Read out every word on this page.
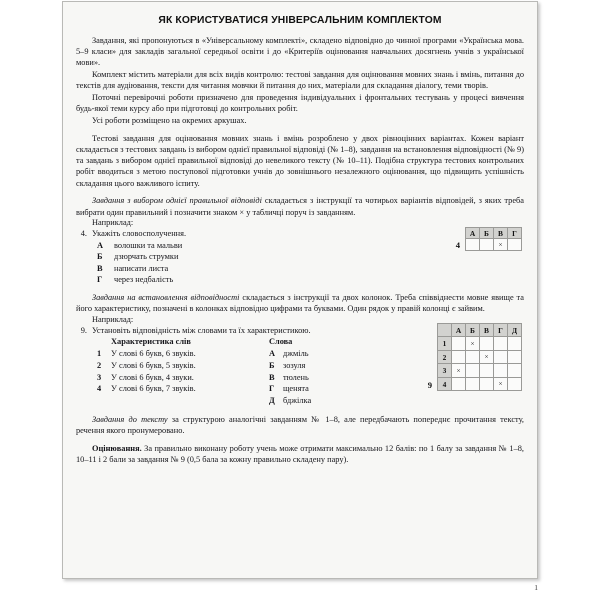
ЯК КОРИСТУВАТИСЯ УНІВЕРСАЛЬНИМ КОМПЛЕКТОМ

Завдання, які пропонуються в «Універсальному комплекті», складено відповідно до чинної програми «Українська мова. 5–9 класи» для закладів загальної середньої освіти і до «Критеріїв оцінювання навчальних досягнень учнів з української мови».

Комплект містить матеріали для всіх видів контролю: тестові завдання для оцінювання мовних знань і вмінь, питання до текстів для аудіювання, тексти для читання мовчки й питання до них, матеріали для складання діалогу, теми творів.

Поточні перевірочні роботи призначено для проведення індивідуальних і фронтальних тестувань у процесі вивчення будь-якої теми курсу або при підготовці до контрольних робіт.

Усі роботи розміщено на окремих аркушах.

Тестові завдання для оцінювання мовних знань і вмінь розроблено у двох рівноцінних варіантах. Кожен варіант складається з тестових завдань із вибором однієї правильної відповіді (№ 1–8), завдання на встановлення відповідності (№ 9) та завдань з вибором однієї правильної відповіді до невеликого тексту (№ 10–11). Подібна структура тестових контрольних робіт вводиться з метою поступової підготовки учнів до зовнішнього незалежного оцінювання, що підвищить успішність складання цього важливого іспиту.

Завдання з вибором однієї правильної відповіді складається з інструкції та чотирьох варіантів відповідей, з яких треба вибрати один правильний і позначити знаком × у табличці поруч із завданням.

Наприклад:

4. Укажіть словосполучення.
А	волошки та мальви
Б	дзюрчать струмки
В	написати листа
Г	через недбалість
4
А	Б	В	Г
		×	

Завдання на встановлення відповідності складається з інструкції та двох колонок. Треба співвіднести мовне явище та його характеристику, позначені в колонках відповідно цифрами та буквами. Один рядок у правій колонці є зайвим.

Наприклад:

9. Установіть відповідність між словами та їх характеристикою.
Характеристика слів
1	У слові 6 букв, 6 звуків.
2	У слові 6 букв, 5 звуків.
3	У слові 6 букв, 4 звуки.
4	У слові 6 букв, 7 звуків.
Слова
А джміль
Б	зозуля
В	тюлень
Г	щенята
Д бджілка
9
	А	Б	В	Г	Д
1		×			
2			×		
3	×				
4				×	

Завдання до тексту за структурою аналогічні завданням № 1–8, але передбачають попереднє прочитання тексту, речення якого пронумеровано.

Оцінювання. За правильно виконану роботу учень може отримати максимально 12 балів: по 1 балу за завдання № 1–8, 10–11 і 2 бали за завдання № 9 (0,5 бала за кожну правильно складену пару).

1
